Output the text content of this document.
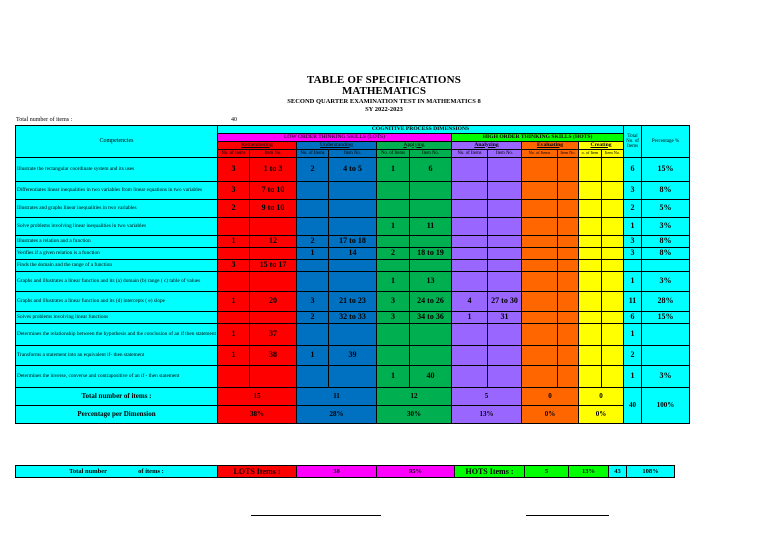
TABLE OF SPECIFICATIONS
MATHEMATICS
SECOND QUARTER EXAMINATION TEST IN MATHEMATICS 8
SY 2022-2023
Total number of items :	40
Competencies	COGNITIVE PROCESS DIMENSIONS												Total No. of Items	Percentage %
	LOW ORDER THINKING SKILLS (LOTS)						HIGH ORDER THINKING SKILLS (HOTS)							
	Remembering		Understanding		Applying		Analyzing		Evaluating		Creating			
	No. of Items	Item No.	No. of Items	Item No.	No. of Items	Item No.	No. of Items	Item No.	No. of Items	Item No.	o. of Item	Item No.		
Illustrate the rectangular coordinate system and its uses	3	1 to 3	2	4 to 5	1	6							6	15%
Differentiates linear inequalities in two variables from linear equations in two variables	3	7 to 10											3	8%
Illustrates and graphs linear inequalities in two variables	2	9 to 10											2	5%
Solve problems involving linear inequalities in two variables					1	11							1	3%
Illustrates a relation and a function	1	12	2	17 to 18									3	8%
Verifies if a given relation is a function			1	14	2	18 to 19							3	8%
Finds the domain and the range of a function	3	15 to 17												
Graphs and illustrates a linear function and its (a) domain (b) range ( c) table of values					1	13							1	3%
Graphs and illustrates a linear function and its (d) intercepts ( e) slope	1	20	3	21 to 23	3	24 to 26	4	27 to 30					11	28%
Solves problems involving linear functions			2	32 to 33	3	34 to 36	1	31					6	15%
Determines the relationship between the hypothesis and the conclusion of an if then statement	1	37											1	
Transforms a statement into an equivalent if- then statement	1	38	1	39									2	
Determines the inverse, converse and contrapositive of an if - then statement					1	40							1	3%
Total number of items :	15		11		12		5		0		0		40	100%
Percentage per Dimension	38%		28%		30%		13%		0%		0%			
Total number	of items :	LOTS Items :	38	95%	HOTS Items :	5	13%	43	108%
